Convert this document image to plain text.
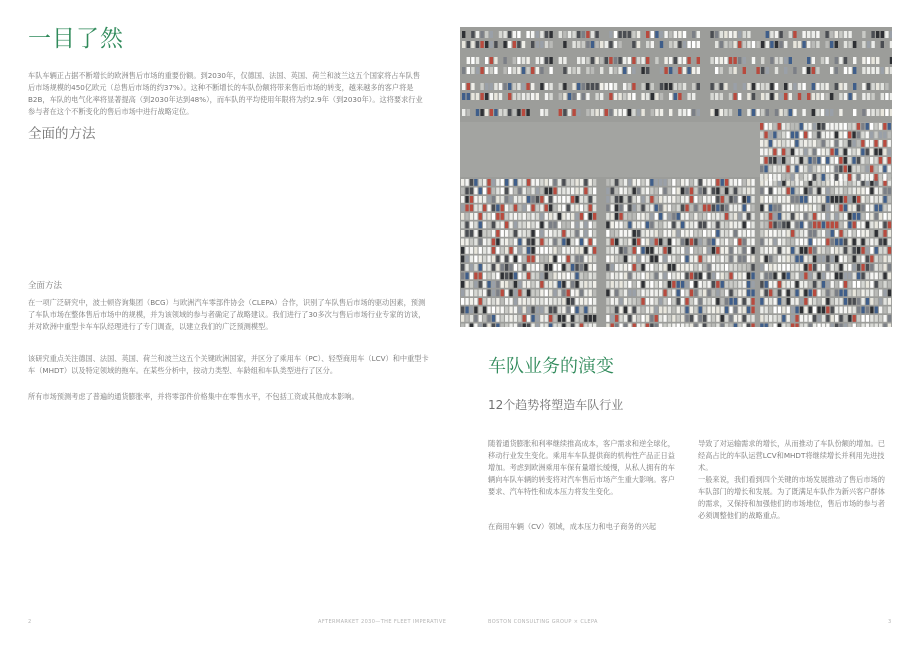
一目了然
车队车辆正占据不断增长的欧洲售后市场的重要份额。到2030年，仅德国、法国、英国、荷兰和波兰这五个国家将占车队售后市场规模的450亿欧元（总售后市场的约37%）。这种不断增长的车队份额将带来售后市场的转变，越来越多的客户将是B2B，车队的电气化率将显著提高（到2030年达到48%），而车队的平均使用年限将为约2.9年（到2030年）。这将要求行业参与者在这个不断变化的售后市场中进行战略定位。
全面的方法
全面方法
在一项广泛研究中，波士顿咨询集团（BCG）与欧洲汽车零部件协会（CLEPA）合作，识别了车队售后市场的驱动因素，预测了车队市场在整体售后市场中的规模，并为该领域的参与者确定了战略建议。我们进行了30多次与售后市场行业专家的访谈，并对欧洲中重型卡车车队经理进行了专门调查，以建立我们的广泛预测模型。
该研究重点关注德国、法国、英国、荷兰和波兰这五个关键欧洲国家，并区分了乘用车（PC）、轻型商用车（LCV）和中重型卡车（MHDT）以及特定领域的拖车。在某些分析中，按动力类型、车龄组和车队类型进行了区分。
所有市场预测考虑了普遍的通货膨胀率，并将零部件价格集中在零售水平，不包括工资或其他成本影响。
2	AFTERMARKET 2030—THE FLEET IMPERATIVE
车队业务的演变
12个趋势将塑造车队行业
随着通货膨胀和利率继续推高成本，客户需求和逆全球化，移动行业发生变化。乘用车车队提供商的机构性产品正日益增加。考虑到欧洲乘用车保有量增长缓慢，从私人拥有的车辆向车队车辆的转变将对汽车售后市场产生重大影响。客户要求、汽车特性和成本压力将发生变化。
在商用车辆（CV）领域，成本压力和电子商务的兴起
导致了对运输需求的增长，从而推动了车队份额的增加。已经高占比的车队运营LCV和MHDT将继续增长并利用先进技术。
一般来说，我们看到四个关键的市场发展推动了售后市场的车队部门的增长和发展。为了既满足车队作为新兴客户群体的需求，又保持和加强他们的市场地位，售后市场的参与者必须调整他们的战略重点。
BOSTON CONSULTING GROUP × CLEPA	3
